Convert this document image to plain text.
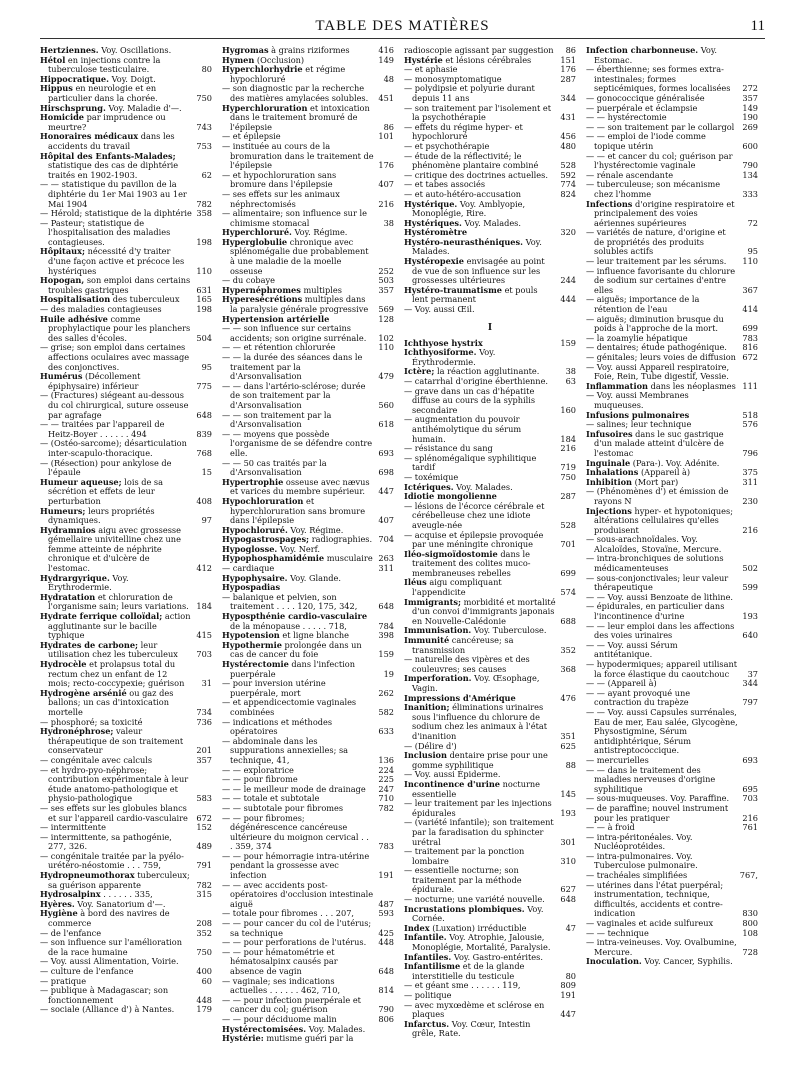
TABLE DES MATIÈRES	11

Hertziennes. Voy. Oscillations.

Hétol en injections contre la tuberculose testiculaire.	80

Hippocratique. Voy. Doigt.

Hippus en neurologie et en particulier dans la chorée.	750

Hirschsprung. Voy. Maladie d'—.

Homicide par imprudence ou meurtre?	743

Honoraires médicaux dans les accidents du travail	753

Hôpital des Enfants-Malades; statistique des cas de diphtérie traités en 1902-1903.	62

— — statistique du pavillon de la diphtérie du 1er Mai 1903 au 1er Mai 1904	782

— Hérold; statistique de la diphtérie 358

— Pasteur; statistique de l'hospitalisation des maladies contagieuses.	198

Hôpitaux; nécessité d'y traiter d'une façon active et précoce les hystériques	110

Hopogan, son emploi dans certains troubles gastriques	631

Hospitalisation des tuberculeux 165

— des maladies contagieuses	198

Huile adhésive comme prophylactique pour les planchers des salles d'écoles.	504

— grise; son emploi dans certaines affections oculaires avec massage des conjonctives.	95

Humérus (Décollement épiphysaire) inférieur	775

— (Fractures) siégeant au-dessous du col chirurgical, suture osseuse par agrafage	648

— — traitées par l'appareil de Heitz-Boyer . . . . . . 494	839

— (Ostéo-sarcome); désarticulation inter-scapulo-thoracique.	768

— (Résection) pour ankylose de l'épaule	15

Humeur aqueuse; lois de sa sécrétion et effets de leur perturbation	408

Humeurs; leurs propriétés dynamiques.	97

Hydramnios aigu avec grossesse gémellaire univitelline chez une femme atteinte de néphrite chronique et d'ulcère de l'estomac.	412

Hydrargyrique. Voy. Érythrodermie.

Hydratation et chloruration de l'organisme sain; leurs variations. 184

Hydrate ferrique colloïdal; action agglutinante sur le bacille typhique	415

Hydrates de carbone; leur utilisation chez les tuberculeux 703

Hydrocèle et prolapsus total du rectum chez un enfant de 12 mois; recto-coccypexie; guérison 31

Hydrogène arsénié ou gaz des ballons; un cas d'intoxication mortelle	734

— phosphoré; sa toxicité	736

Hydronéphrose; valeur thérapeutique de son traitement conservateur	201

— congénitale avec calculs	357

— et hydro-pyo-néphrose; contribution expérimentale à leur étude anatomo-pathologique et physio-pathologique	583

— ses effets sur les globules blancs et sur l'appareil cardio-vasculaire 672

— intermittente	152

— intermittente, sa pathogénie, 277, 326.	489

— congénitale traitée par la pyélo-urétéro-néostomie . . . 759,	791

Hydropneumothorax tuberculeux; sa guérison apparente	782

Hydrosalpinx . . . . . . 335,	315

Hyères. Voy. Sanatorium d'—.

Hygiène à bord des navires de commerce	208

— de l'enfance	352

— son influence sur l'amélioration de la race humaine	750

— Voy. aussi Alimentation, Voirie.

— culture de l'enfance	400

— pratique	60

— publique à Madagascar; son fonctionnement	448

— sociale (Alliance d') à Nantes.	179

Hygromas à grains riziformes	416

Hymen (Occlusion)	149

Hyperchlorhydrie et régime hypochloruré	48

— son diagnostic par la recherche des matières amylacées solubles. 451

Hyperchloruration et intoxication dans le traitement bromuré de l'épilepsie	86

— et épilepsie	101

— instituée au cours de la bromuration dans le traitement de l'épilepsie	176

— et hypochloruration sans bromure dans l'épilepsie	407

— ses effets sur les animaux néphrectomisés	216

— alimentaire; son influence sur le chimisme stomacal	38

Hyperchloruré. Voy. Régime.

Hyperglobulie chronique avec splénomégalie due probablement à une maladie de la moelle osseuse	252

— du cobaye	503

Hypernéphromes multiples	357

Hyperesécrétions multiples dans la paralysie générale progressive 569

Hypertension artérielle	128

— — son influence sur certains accidents; son origine surrénale. 102

— — et rétention chlorurée	110

— — la durée des séances dans le traitement par la d'Arsonvalisation	479

— — dans l'artério-sclérose; durée de son traitement par la d'Arsonvalisation	560

— — son traitement par la d'Arsonvalisation	618

— — moyens que possède l'organisme de se défendre contre elle.	693

— — 50 cas traités par la d'Arsonvalisation	698

Hypertrophie osseuse avec nævus et varices du membre supérieur. 447

Hypochloruration et hyperchloruration sans bromure dans l'épilepsie	407

Hypochloruré. Voy. Régime.

Hypogastrospages; radiographies. 704

Hypoglosse. Voy. Nerf.

Hypophosphamidémie musculaire 263

— cardiaque	311

Hypophysaire. Voy. Glande.

Hypospadias

— balanique et pelvien, son traitement . . . . 120, 175, 342,	648

Hypospthénie cardio-vasculaire de la ménopause . . . . . 718,	784

Hypotension et ligne blanche	398

Hypothermie prolongée dans un cas de cancer du foie	159

Hystérectomie dans l'infection puerpérale	19

— pour inversion utérine puerpérale, mort	262

— et appendicectomie vaginales combinées	582

— indications et méthodes opératoires	633

— abdominale dans les suppurations annexielles; sa technique, 41,	136

— — exploratrice	224

— — pour fibrome	225

— — le meilleur mode de drainage 247

— — totale et subtotale	710

— — subtotale pour fibromes	782

— — pour fibromes; dégénérescence cancéreuse ultérieure du moignon cervical . . . 359, 374	783

— — pour hémorragie intra-utérine pendant la grossesse avec infection	191

— — avec accidents post-opératoires d'occlusion intestinale aiguë	487

— totale pour fibromes . . . 207,	593

— — pour cancer du col de l'utérus; sa technique	425

— — pour perforations de l'utérus. 448

— — pour hématométrie et hématosalpinx causés par absence de vagin	648

— vaginale; ses indications actuelles . . . . . . 462, 710,	814

— — pour infection puerpérale et cancer du col; guérison	790

— — pour déciduome malin	806

Hystérectomisées. Voy. Malades.

Hystérie: mutisme guéri par la

radioscopie agissant par suggestion 86

Hystérie et lésions cérébrales	151

— et aphasie	176

— monosymptomatique	287

— polydipsie et polyurie durant depuis 11 ans	344

— son traitement par l'isolement et la psychothérapie	431

— effets du régime hyper- et hypochloruré	456

— et psychothérapie	480

— étude de la réflectivité; le phénomène plantaire combiné	528

— critique des doctrines actuelles. 592

— et tabes associés	774

— et auto-hétéro-accusation	824

Hystérique. Voy. Amblyopie, Monoplégie, Rire.

Hystériques. Voy. Malades.

Hystéromètre	320

Hystéro-neurasthéniques. Voy. Malades.

Hystéropexie envisagée au point de vue de son influence sur les grossesses ultérieures	244

Hystéro-traumatisme et pouls lent permanent	444

— Voy. aussi Œil.

I

Ichthyose hystrix	159

Ichthyosiforme. Voy. Érythrodermie.

Ictère; la réaction agglutinante.	38

— catarrhal d'origine éberthienne. 63

— grave dans un cas d'hépatite diffuse au cours de la syphilis secondaire	160

— augmentation du pouvoir antihémolytique du sérum humain.	184

— résistance du sang	216

— splénomégalique syphilitique tardif	719

— toxémique	750

Ictériques. Voy. Malades.

Idiotie mongolienne	287

— lésions de l'écorce cérébrale et cérébelleuse chez une idiote aveugle-née	528

— acquise et épilepsie provoquée par une méningite chronique	701

Iléo-sigmoïdostomie dans le traitement des colites muco-membraneuses rebelles	699

Iléus aigu compliquant l'appendicite	574

Immigrants; morbidité et mortalité d'un convoi d'immigrants japonais en Nouvelle-Calédonie	688

Immunisation. Voy. Tuberculose.

Immunité cancéreuse; sa transmission	352

— naturelle des vipères et des couleuvres; ses causes	368

Imperforation. Voy. Œsophage, Vagin.

Impressions d'Amérique	476

Inanition; éliminations urinaires sous l'influence du chlorure de sodium chez les animaux à l'état d'inanition	351

— (Délire d')	625

Inclusion dentaire prise pour une gomme syphilitique	88

— Voy. aussi Épiderme.

Incontinence d'urine nocturne essentielle	145

— leur traitement par les injections épidurales	193

— (variété infantile); son traitement par la faradisation du sphincter urétral	301

— traitement par la ponction lombaire	310

— essentielle nocturne; son traitement par la méthode épidurale.	627

— nocturne; une variété nouvelle. 648

Incrustations plombiques. Voy. Cornée.

Index (Luxation) irréductible	47

Infantile. Voy. Atrophie, Jalousie, Monoplégie, Mortalité, Paralysie.

Infantiles. Voy. Gastro-entérites.

Infantilisme et de la glande interstitielle du testicule	80

— et géant sme . . . . . . 119,	809

— politique	191

— avec myxœdème et sclérose en plaques	447

Infarctus. Voy. Cœur, Intestin grêle, Rate.

Infection charbonneuse. Voy. Estomac.

— éberthienne; ses formes extra-intestinales; formes septicémiques, formes localisées 272

— gonococcique généralisée	357

— puerpérale et éclampsie	149

— — hystérectomie	190

— — son traitement par le collargol 269

— — emploi de l'iode comme topique utérin	600

— — et cancer du col; guérison par l'hystérectomie vaginale	790

— rénale ascendante	134

— tuberculeuse; son mécanisme chez l'homme	333

Infections d'origine respiratoire et principalement des voies aériennes supérieures	72

— variétés de nature, d'origine et de propriétés des produits solubles actifs	95

— leur traitement par les sérums. 110

— influence favorisante du chlorure de sodium sur certaines d'entre elles	367

— aiguës; importance de la rétention de l'eau	414

— aiguës; diminution brusque du poids à l'approche de la mort.	699

— la zoamylie hépatique	783

— dentaires; étude pathogénique. 816

— génitales; leurs voies de diffusion 672

— Voy. aussi Appareil respiratoire, Foie, Rein, Tube digestif, Vessie.

Inflammation dans les néoplasmes 111

— Voy. aussi Membranes muqueuses.

Infusions pulmonaires	518

— salines; leur technique	576

Infusoires dans le suc gastrique d'un malade atteint d'ulcère de l'estomac	796

Inguinale (Para-). Voy. Adénite.

Inhalations (Appareil à)	375

Inhibition (Mort par)	311

— (Phénomènes d') et émission de rayons N	230

Injections hyper- et hypotoniques; altérations cellulaires qu'elles produisent	216

— sous-arachnoïdales. Voy. Alcaloïdes, Stovaïne, Mercure.

— intra-bronchiques de solutions médicamenteuses	502

— sous-conjonctivales; leur valeur thérapeutique	599

— — Voy. aussi Benzoate de lithine.

— épidurales, en particulier dans l'incontinence d'urine	193

— — leur emploi dans les affections des voies urinaires	640

— — Voy. aussi Sérum antitétanique.

— hypodermiques; appareil utilisant la force élastique du caoutchouc 37

— — (Appareil à)	344

— — ayant provoqué une contraction du trapèze	797

— — Voy. aussi Capsules surrénales, Eau de mer, Eau salée, Glycogène, Physostigmine, Sérum antidiphtérique, Sérum antistreptococcique.

— mercurielles	693

— — dans le traitement des maladies nerveuses d'origine syphilitique	695

— sous-muqueuses. Voy. Paraffine. 703

— de paraffine; nouvel instrument pour les pratiquer	216

— — à froid	761

— intra-péritonéales. Voy. Nucléoprotéides.

— intra-pulmonaires. Voy. Tuberculose pulmonaire.

— trachéales simplifiées	767,

— utérines dans l'état puerpéral; instrumentation, technique, difficultés, accidents et contre-indication	830

— vaginales et acide sulfureux	800

— — technique	108

— intra-veineuses. Voy. Ovalbumine, Mercure.	728

Inoculation. Voy. Cancer, Syphilis.
